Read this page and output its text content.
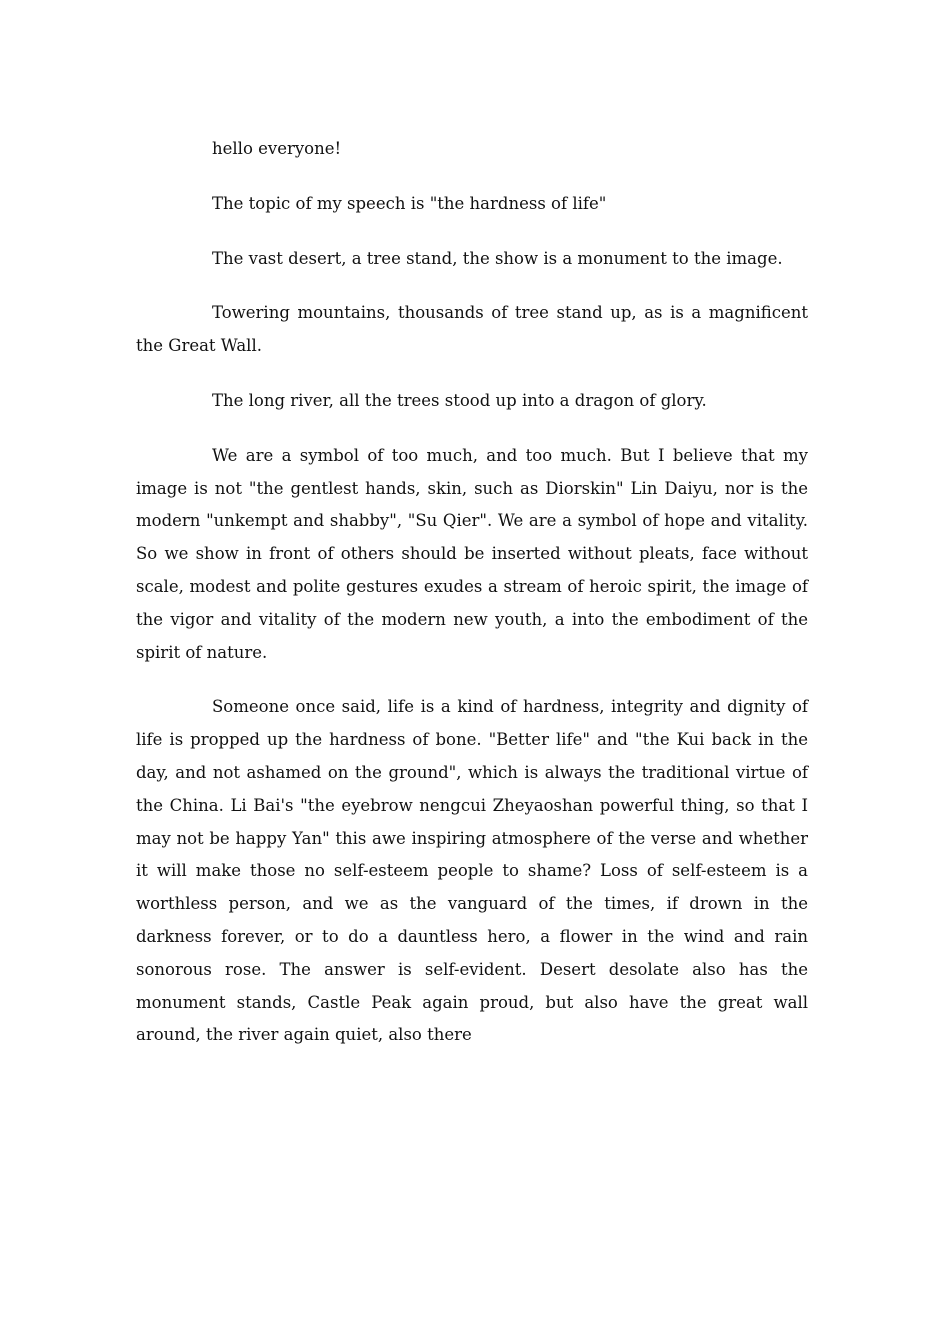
hello everyone!

The topic of my speech is "the hardness of life"

The vast desert, a tree stand, the show is a monument to the image.

Towering mountains, thousands of tree stand up, as is a magnificent the Great Wall.

The long river, all the trees stood up into a dragon of glory.

We are a symbol of too much, and too much. But I believe that my image is not "the gentlest hands, skin, such as Diorskin" Lin Daiyu, nor is the modern "unkempt and shabby", "Su Qier". We are a symbol of hope and vitality. So we show in front of others should be inserted without pleats, face without scale, modest and polite gestures exudes a stream of heroic spirit, the image of the vigor and vitality of the modern new youth, a into the embodiment of the spirit of nature.

Someone once said, life is a kind of hardness, integrity and dignity of life is propped up the hardness of bone. "Better life" and "the Kui back in the day, and not ashamed on the ground", which is always the traditional virtue of the China. Li Bai's "the eyebrow nengcui Zheyaoshan powerful thing, so that I may not be happy Yan" this awe inspiring atmosphere of the verse and whether it will make those no self-esteem people to shame? Loss of self-esteem is a worthless person, and we as the vanguard of the times, if drown in the darkness forever, or to do a dauntless hero, a flower in the wind and rain sonorous rose. The answer is self-evident. Desert desolate also has the monument stands, Castle Peak again proud, but also have the great wall around, the river again quiet, also there
